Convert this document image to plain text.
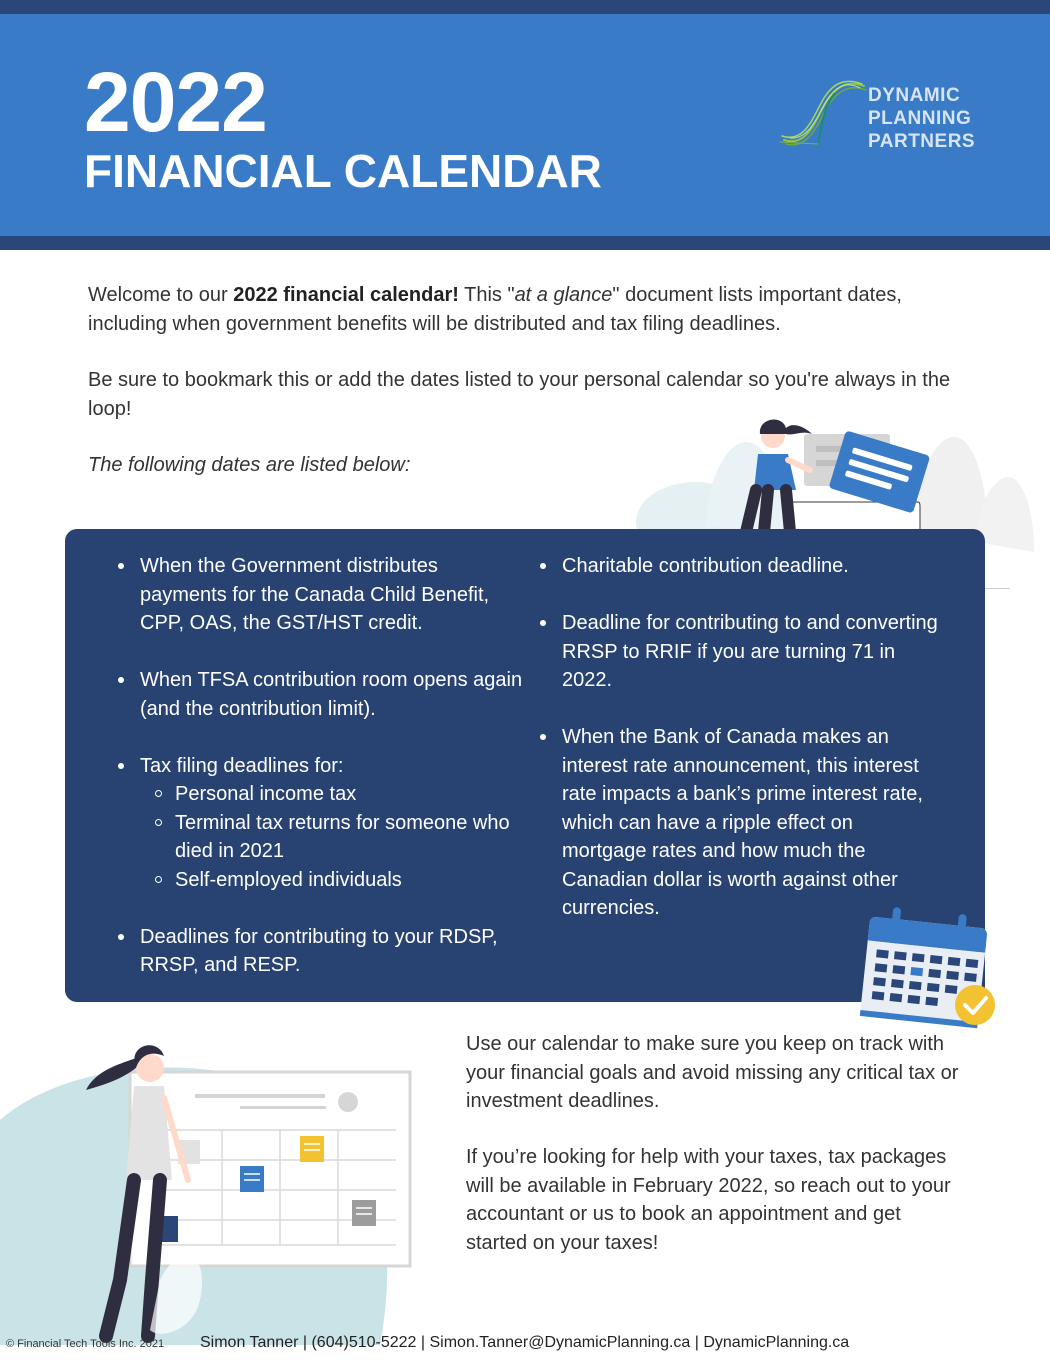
2022
FINANCIAL CALENDAR
DYNAMIC
PLANNING
PARTNERS
Welcome to our 2022 financial calendar! This "at a glance" document lists important dates, including when government benefits will be distributed and tax filing deadlines.
Be sure to bookmark this or add the dates listed to your personal calendar so you're always in the loop!
The following dates are listed below:
When the Government distributes payments for the Canada Child Benefit, CPP, OAS, the GST/HST credit.
When TFSA contribution room opens again (and the contribution limit).
Tax filing deadlines for:
Personal income tax
Terminal tax returns for someone who died in 2021
Self-employed individuals
Deadlines for contributing to your RDSP, RRSP, and RESP.
Charitable contribution deadline.
Deadline for contributing to and converting RRSP to RRIF if you are turning 71 in 2022.
When the Bank of Canada makes an interest rate announcement, this interest rate impacts a bank’s prime interest rate, which can have a ripple effect on mortgage rates and how much the Canadian dollar is worth against other currencies.
Use our calendar to make sure you keep on track with your financial goals and avoid missing any critical tax or investment deadlines.
If you’re looking for help with your taxes, tax packages will be available in February 2022, so reach out to your accountant or us to book an appointment and get started on your taxes!
© Financial Tech Tools Inc. 2021 Simon Tanner | (604)510-5222 | Simon.Tanner@DynamicPlanning.ca | DynamicPlanning.ca
